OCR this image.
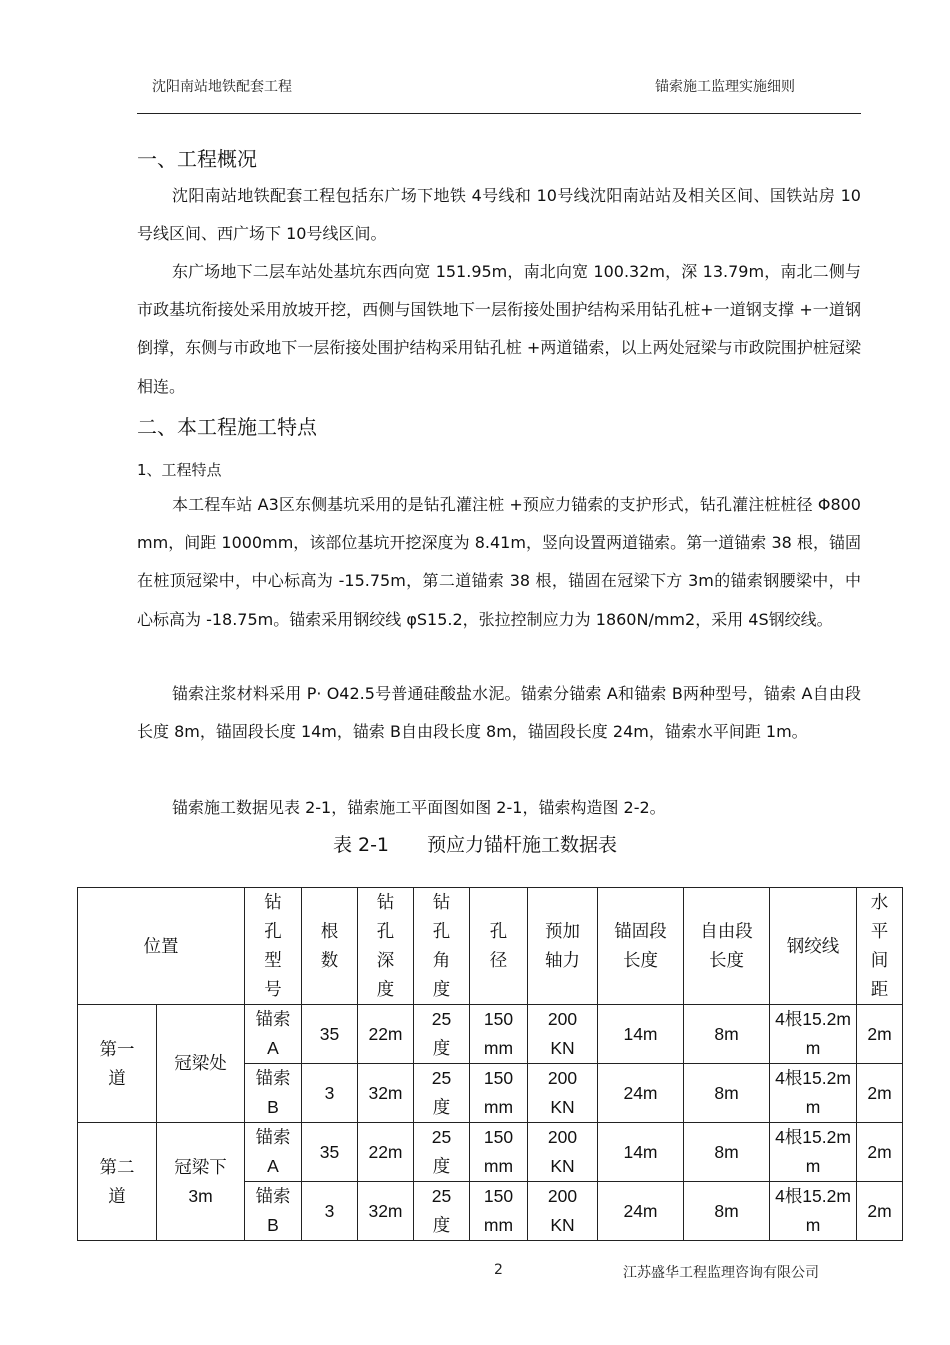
沈阳南站地铁配套工程	锚索施工监理实施细则
一、工程概况

沈阳南站地铁配套工程包括东广场下地铁 4号线和 10号线沈阳南站站及相关区间、国铁站房 10号线区间、西广场下 10号线区间。

东广场地下二层车站处基坑东西向宽 151.95m，南北向宽 100.32m，深 13.79m，南北二侧与市政基坑衔接处采用放坡开挖，西侧与国铁地下一层衔接处围护结构采用钻孔桩+一道钢支撑 +一道钢倒撑，东侧与市政地下一层衔接处围护结构采用钻孔桩 +两道锚索，以上两处冠梁与市政院围护桩冠梁相连。

二、本工程施工特点
1、工程特点

本工程车站 A3区东侧基坑采用的是钻孔灌注桩 +预应力锚索的支护形式，钻孔灌注桩桩径 Φ800 mm，间距 1000mm，该部位基坑开挖深度为 8.41m，竖向设置两道锚索。第一道锚索 38 根，锚固在桩顶冠梁中，中心标高为 -15.75m，第二道锚索 38 根，锚固在冠梁下方 3m的锚索钢腰梁中，中心标高为 -18.75m。锚索采用钢绞线 φS15.2，张拉控制应力为 1860N/mm2，采用 4S钢绞线。

锚索注浆材料采用 P· O42.5号普通硅酸盐水泥。锚索分锚索 A和锚索 B两种型号，锚索 A自由段长度 8m，锚固段长度 14m，锚索 B自由段长度 8m，锚固段长度 24m，锚索水平间距 1m。

锚索施工数据见表 2-1，锚索施工平面图如图 2-1，锚索构造图 2-2。

表 2-1　　预应力锚杆施工数据表
位置		钻孔型号	根数	钻孔深度	钻孔角度	孔径	预加轴力	锚固段长度	自由段长度	钢绞线	水平间距
第一道	冠梁处	锚索 A	35	22m	25度	150mm	200KN	14m	8m	4根15.2mm	2m
		锚索 B	3	32m	25度	150mm	200KN	24m	8m	4根15.2mm	2m
第二道	冠梁下3m	锚索 A	35	22m	25度	150mm	200KN	14m	8m	4根15.2mm	2m
		锚索 B	3	32m	25度	150mm	200KN	24m	8m	4根15.2mm	2m
2	江苏盛华工程监理咨询有限公司
